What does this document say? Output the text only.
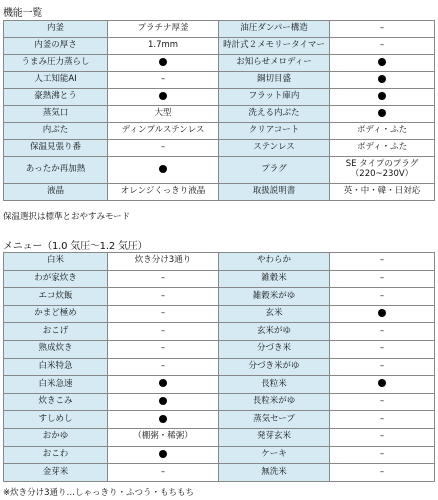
機能一覧
内釜	プラチナ厚釜	油圧ダンパー構造	–
内釜の厚さ	1.7mm	時計式２メモリータイマー	–
うまみ圧力蒸らし		お知らせメロディー	
人工知能AI	–	銅切目盛	
豪熱沸とう		フラット庫内	
蒸気口	大型	洗える内ぶた	
内ぶた	ディンプルステンレス	クリアコート	ボディ・ふた
保温見張り番	–	ステンレス	ボディ・ふた
あったか再加熱		プラグ	SE タイプのプラグ（220~230V）
液晶	オレンジくっきり液晶	取扱説明書	英・中・韓・日対応
保温選択は標準とおやすみモード
メニュー（1.0 気圧～1.2 気圧）
白米	炊き分け3通り	やわらか	–
わが家炊き	–	雑穀米	–
エコ炊飯	–	雑穀米がゆ	–
かまど極め	–	玄米	
おこげ	–	玄米がゆ	–
熟成炊き	–	分づき米	–
白米特急	–	分づき米がゆ	–
白米急速		長粒米	
炊きこみ		長粒米がゆ	–
すしめし		蒸気セーブ	–
おかゆ	（棚粥・稀粥）	発芽玄米	–
おこわ		ケーキ	–
金芽米	–	無洗米	–
※炊き分け3通り…しゃっきり・ふつう・もちもち
